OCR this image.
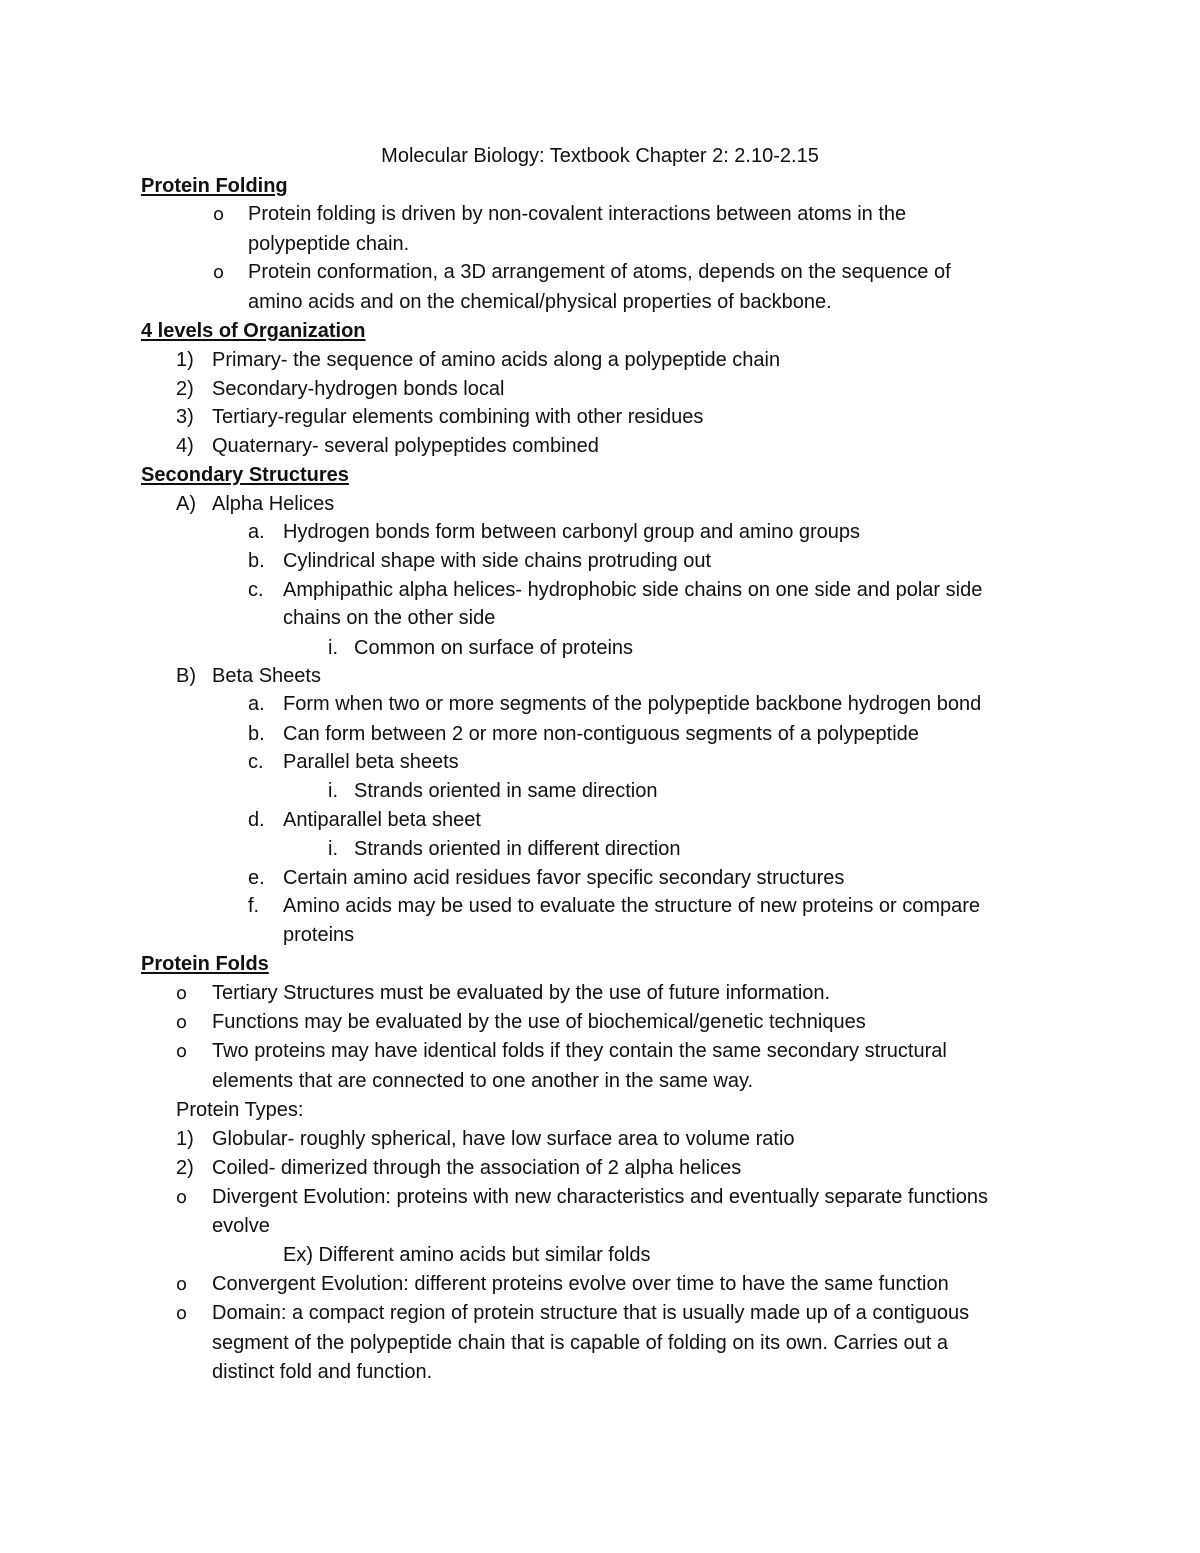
Molecular Biology: Textbook Chapter 2: 2.10-2.15
Protein Folding
o Protein folding is driven by non-covalent interactions between atoms in the
polypeptide chain.
o Protein conformation, a 3D arrangement of atoms, depends on the sequence of
amino acids and on the chemical/physical properties of backbone.
4 levels of Organization
1) Primary- the sequence of amino acids along a polypeptide chain
2) Secondary-hydrogen bonds local
3) Tertiary-regular elements combining with other residues
4) Quaternary- several polypeptides combined
Secondary Structures
A) Alpha Helices
a. Hydrogen bonds form between carbonyl group and amino groups
b. Cylindrical shape with side chains protruding out
c. Amphipathic alpha helices- hydrophobic side chains on one side and polar side
chains on the other side
i. Common on surface of proteins
B) Beta Sheets
a. Form when two or more segments of the polypeptide backbone hydrogen bond
b. Can form between 2 or more non-contiguous segments of a polypeptide
c. Parallel beta sheets
i. Strands oriented in same direction
d. Antiparallel beta sheet
i. Strands oriented in different direction
e. Certain amino acid residues favor specific secondary structures
f. Amino acids may be used to evaluate the structure of new proteins or compare
proteins
Protein Folds
o Tertiary Structures must be evaluated by the use of future information.
o Functions may be evaluated by the use of biochemical/genetic techniques
o Two proteins may have identical folds if they contain the same secondary structural
elements that are connected to one another in the same way.
Protein Types:
1) Globular- roughly spherical, have low surface area to volume ratio
2) Coiled- dimerized through the association of 2 alpha helices
o Divergent Evolution: proteins with new characteristics and eventually separate functions
evolve
Ex) Different amino acids but similar folds
o Convergent Evolution: different proteins evolve over time to have the same function
o Domain: a compact region of protein structure that is usually made up of a contiguous
segment of the polypeptide chain that is capable of folding on its own. Carries out a
distinct fold and function.
